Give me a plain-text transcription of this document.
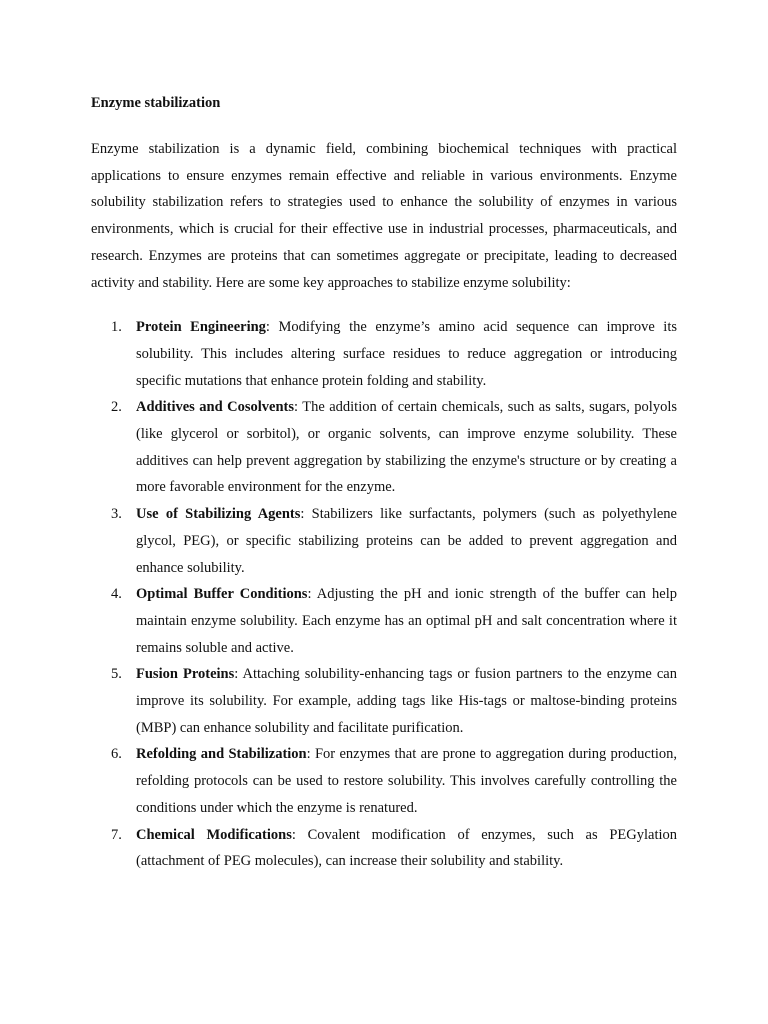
Enzyme stabilization

Enzyme stabilization is a dynamic field, combining biochemical techniques with practical applications to ensure enzymes remain effective and reliable in various environments. Enzyme solubility stabilization refers to strategies used to enhance the solubility of enzymes in various environments, which is crucial for their effective use in industrial processes, pharmaceuticals, and research. Enzymes are proteins that can sometimes aggregate or precipitate, leading to decreased activity and stability. Here are some key approaches to stabilize enzyme solubility:

1. Protein Engineering: Modifying the enzyme’s amino acid sequence can improve its solubility. This includes altering surface residues to reduce aggregation or introducing specific mutations that enhance protein folding and stability.
2. Additives and Cosolvents: The addition of certain chemicals, such as salts, sugars, polyols (like glycerol or sorbitol), or organic solvents, can improve enzyme solubility. These additives can help prevent aggregation by stabilizing the enzyme's structure or by creating a more favorable environment for the enzyme.
3. Use of Stabilizing Agents: Stabilizers like surfactants, polymers (such as polyethylene glycol, PEG), or specific stabilizing proteins can be added to prevent aggregation and enhance solubility.
4. Optimal Buffer Conditions: Adjusting the pH and ionic strength of the buffer can help maintain enzyme solubility. Each enzyme has an optimal pH and salt concentration where it remains soluble and active.
5. Fusion Proteins: Attaching solubility-enhancing tags or fusion partners to the enzyme can improve its solubility. For example, adding tags like His-tags or maltose-binding proteins (MBP) can enhance solubility and facilitate purification.
6. Refolding and Stabilization: For enzymes that are prone to aggregation during production, refolding protocols can be used to restore solubility. This involves carefully controlling the conditions under which the enzyme is renatured.
7. Chemical Modifications: Covalent modification of enzymes, such as PEGylation (attachment of PEG molecules), can increase their solubility and stability.
